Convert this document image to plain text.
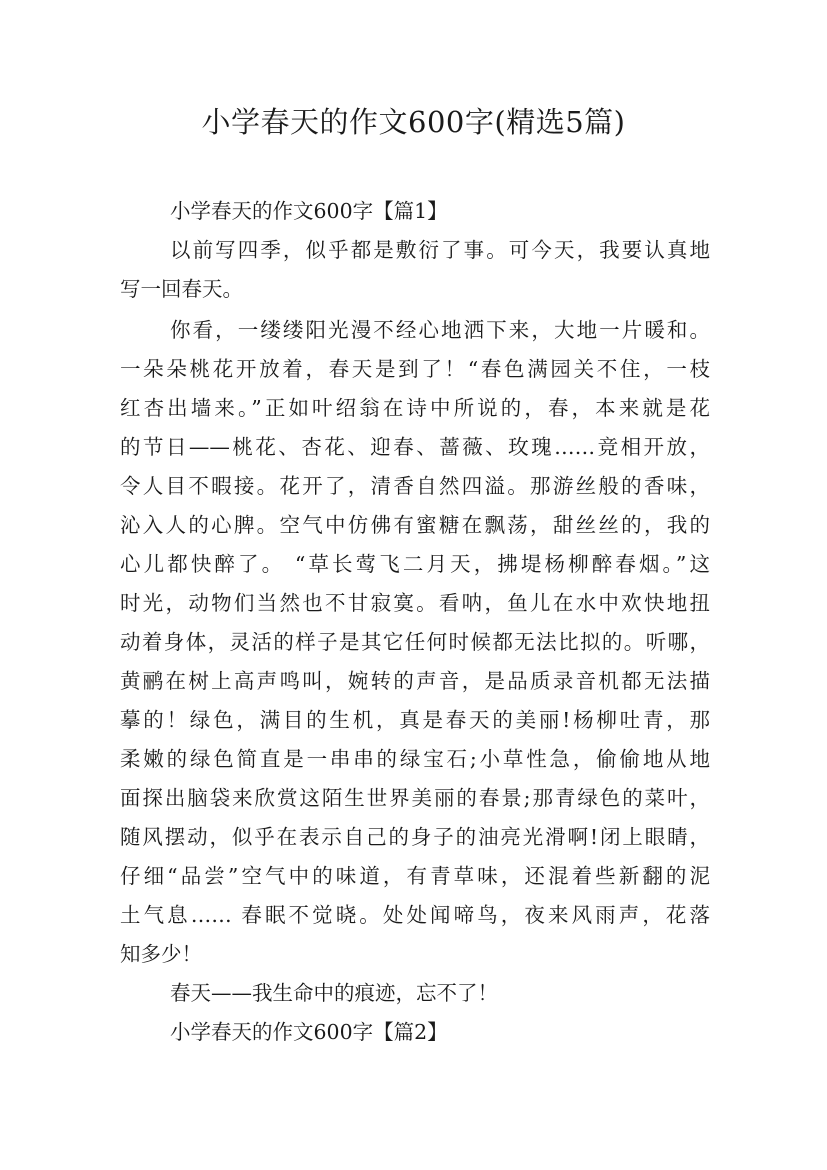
小学春天的作文600字(精选5篇)
小学春天的作文600字【篇1】
以前写四季，似乎都是敷衍了事。可今天，我要认真地
写一回春天。
你看，一缕缕阳光漫不经心地洒下来，大地一片暖和。
一朵朵桃花开放着，春天是到了！“春色满园关不住，一枝
红杏出墙来。”正如叶绍翁在诗中所说的，春，本来就是花
的节日——桃花、杏花、迎春、蔷薇、玫瑰……竞相开放，
令人目不暇接。花开了，清香自然四溢。那游丝般的香味，
沁入人的心脾。空气中仿佛有蜜糖在飘荡，甜丝丝的，我的
心儿都快醉了。 “草长莺飞二月天，拂堤杨柳醉春烟。”这
时光，动物们当然也不甘寂寞。看呐，鱼儿在水中欢快地扭
动着身体，灵活的样子是其它任何时候都无法比拟的。听哪，
黄鹂在树上高声鸣叫，婉转的声音，是品质录音机都无法描
摹的！绿色，满目的生机，真是春天的美丽!杨柳吐青，那
柔嫩的绿色简直是一串串的绿宝石;小草性急，偷偷地从地
面探出脑袋来欣赏这陌生世界美丽的春景;那青绿色的菜叶，
随风摆动，似乎在表示自己的身子的油亮光滑啊!闭上眼睛，
仔细“品尝”空气中的味道，有青草味，还混着些新翻的泥
土气息…… 春眠不觉晓。处处闻啼鸟，夜来风雨声，花落
知多少！
春天——我生命中的痕迹，忘不了！
小学春天的作文600字【篇2】
